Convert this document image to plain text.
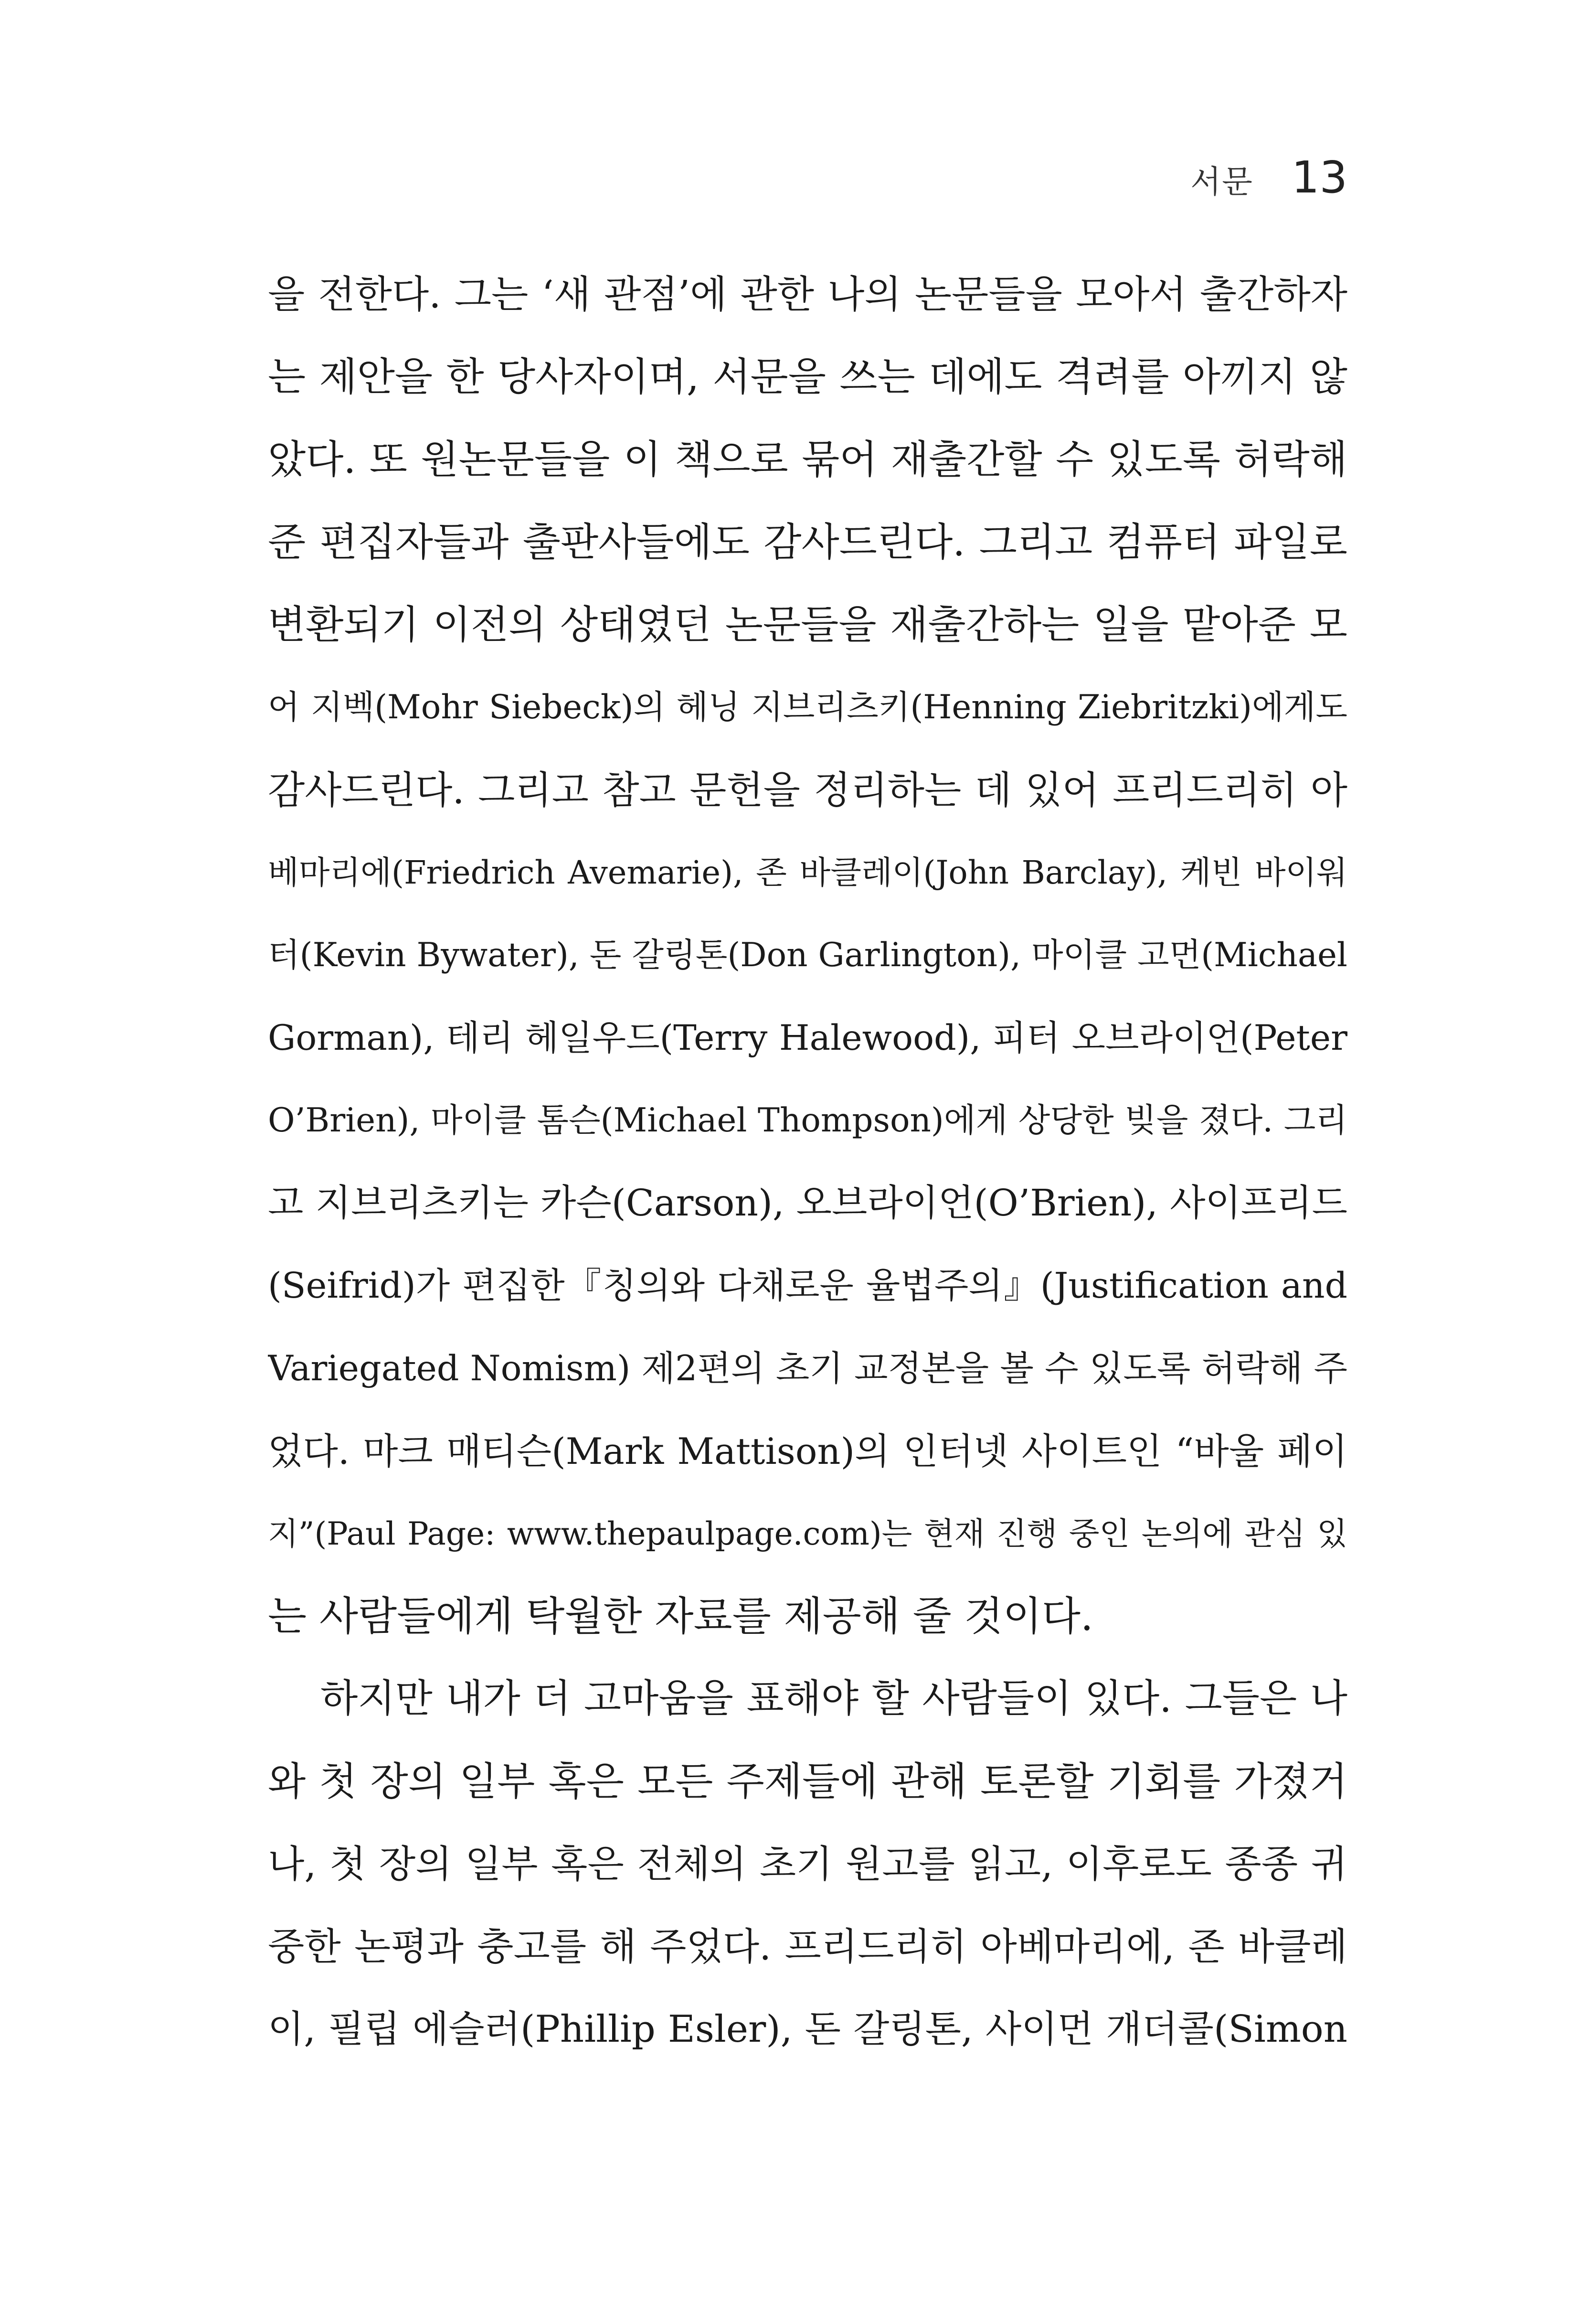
서문 13
을 전한다. 그는 ‘새 관점’에 관한 나의 논문들을 모아서 출간하자
는 제안을 한 당사자이며, 서문을 쓰는 데에도 격려를 아끼지 않
았다. 또 원논문들을 이 책으로 묶어 재출간할 수 있도록 허락해
준 편집자들과 출판사들에도 감사드린다. 그리고 컴퓨터 파일로
변환되기 이전의 상태였던 논문들을 재출간하는 일을 맡아준 모
어 지벡(Mohr Siebeck)의 헤닝 지브리츠키(Henning Ziebritzki)에게도
감사드린다. 그리고 참고 문헌을 정리하는 데 있어 프리드리히 아
베마리에(Friedrich Avemarie), 존 바클레이(John Barclay), 케빈 바이워
터(Kevin Bywater), 돈 갈링톤(Don Garlington), 마이클 고먼(Michael
Gorman), 테리 헤일우드(Terry Halewood), 피터 오브라이언(Peter
O’Brien), 마이클 톰슨(Michael Thompson)에게 상당한 빚을 졌다. 그리
고 지브리츠키는 카슨(Carson), 오브라이언(O’Brien), 사이프리드
(Seifrid)가 편집한『칭의와 다채로운 율법주의』(Justification and
Variegated Nomism) 제2편의 초기 교정본을 볼 수 있도록 허락해 주
었다. 마크 매티슨(Mark Mattison)의 인터넷 사이트인 “바울 페이
지”(Paul Page: www.thepaulpage.com)는 현재 진행 중인 논의에 관심 있
는 사람들에게 탁월한 자료를 제공해 줄 것이다.
하지만 내가 더 고마움을 표해야 할 사람들이 있다. 그들은 나
와 첫 장의 일부 혹은 모든 주제들에 관해 토론할 기회를 가졌거
나, 첫 장의 일부 혹은 전체의 초기 원고를 읽고, 이후로도 종종 귀
중한 논평과 충고를 해 주었다. 프리드리히 아베마리에, 존 바클레
이, 필립 에슬러(Phillip Esler), 돈 갈링톤, 사이먼 개더콜(Simon
